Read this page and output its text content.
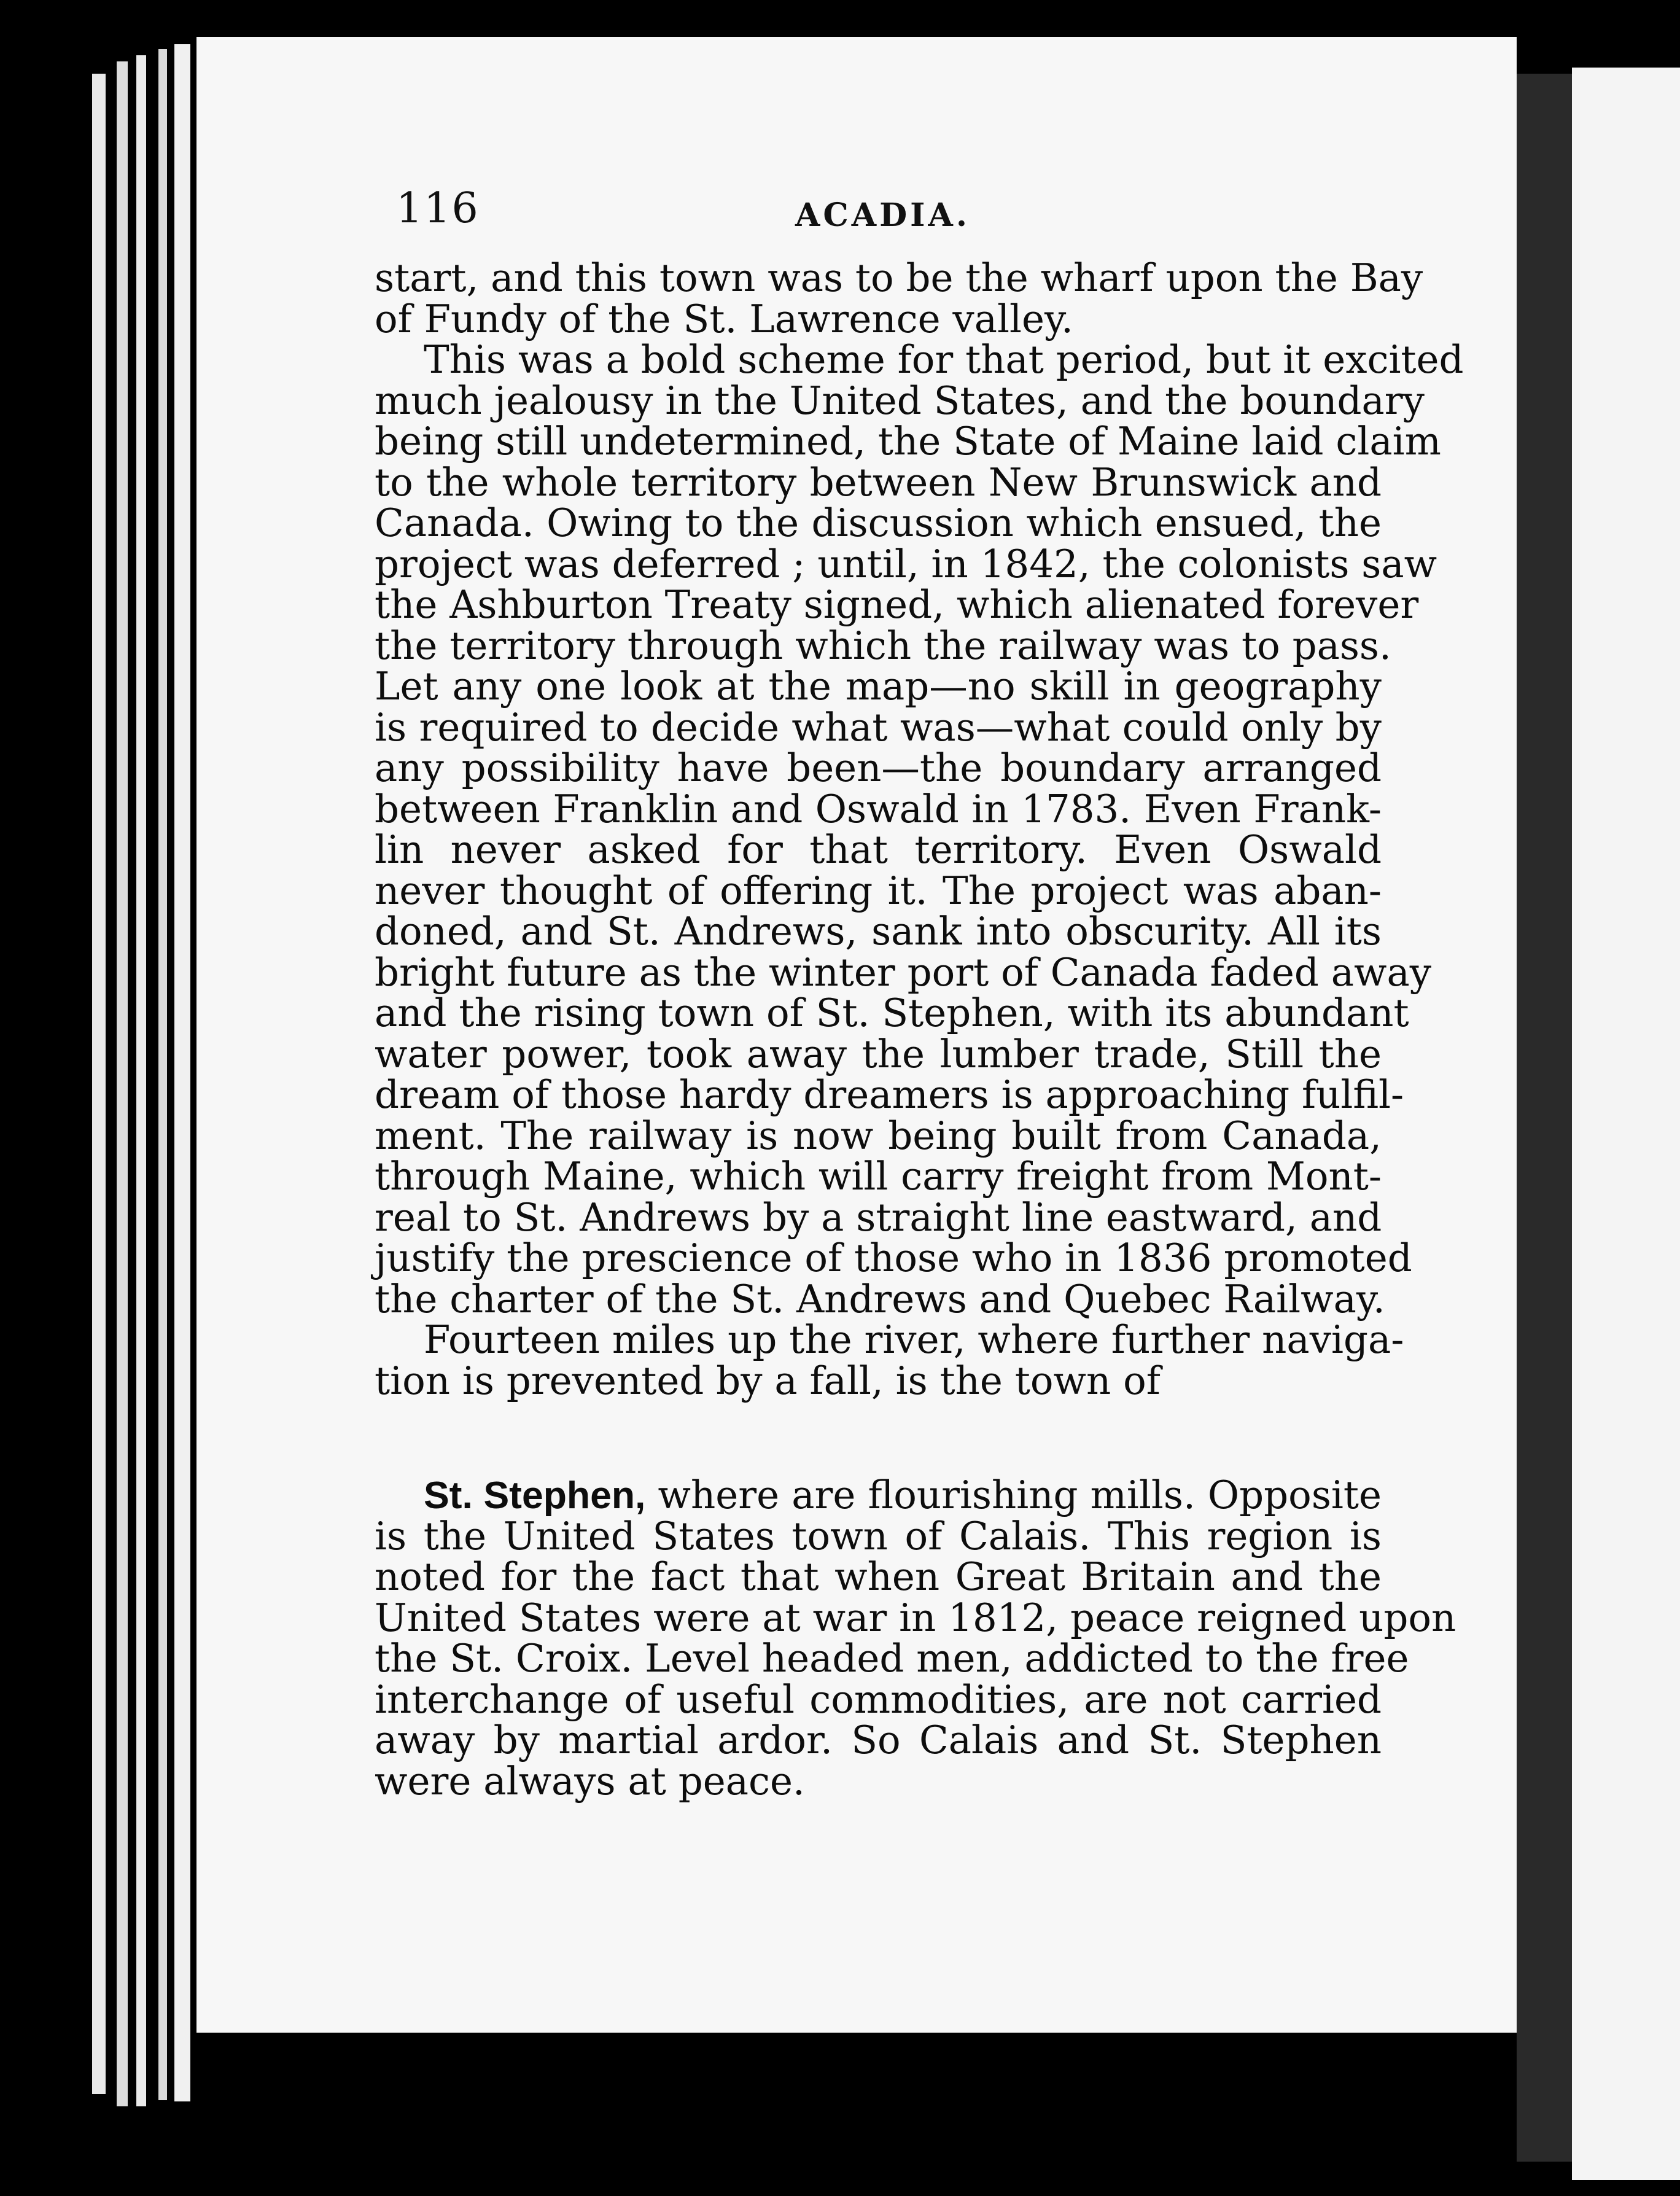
116	ACADIA.
start, and this town was to be the wharf upon the Bay
of Fundy of the St. Lawrence valley.
This was a bold scheme for that period, but it excited
much jealousy in the United States, and the boundary
being still undetermined, the State of Maine laid claim
to the whole territory between New Brunswick and
Canada. Owing to the discussion which ensued, the
project was deferred ; until, in 1842, the colonists saw
the Ashburton Treaty signed, which alienated forever
the territory through which the railway was to pass.
Let any one look at the map—no skill in geography
is required to decide what was—what could only by
any possibility have been—the boundary arranged
between Franklin and Oswald in 1783. Even Frank-
lin never asked for that territory. Even Oswald
never thought of offering it. The project was aban-
doned, and St. Andrews, sank into obscurity. All its
bright future as the winter port of Canada faded away
and the rising town of St. Stephen, with its abundant
water power, took away the lumber trade, Still the
dream of those hardy dreamers is approaching fulfil-
ment. The railway is now being built from Canada,
through Maine, which will carry freight from Mont-
real to St. Andrews by a straight line eastward, and
justify the prescience of those who in 1836 promoted
the charter of the St. Andrews and Quebec Railway.
Fourteen miles up the river, where further naviga-
tion is prevented by a fall, is the town of
St. Stephen, where are flourishing mills. Opposite
is the United States town of Calais. This region is
noted for the fact that when Great Britain and the
United States were at war in 1812, peace reigned upon
the St. Croix. Level headed men, addicted to the free
interchange of useful commodities, are not carried
away by martial ardor. So Calais and St. Stephen
were always at peace.
